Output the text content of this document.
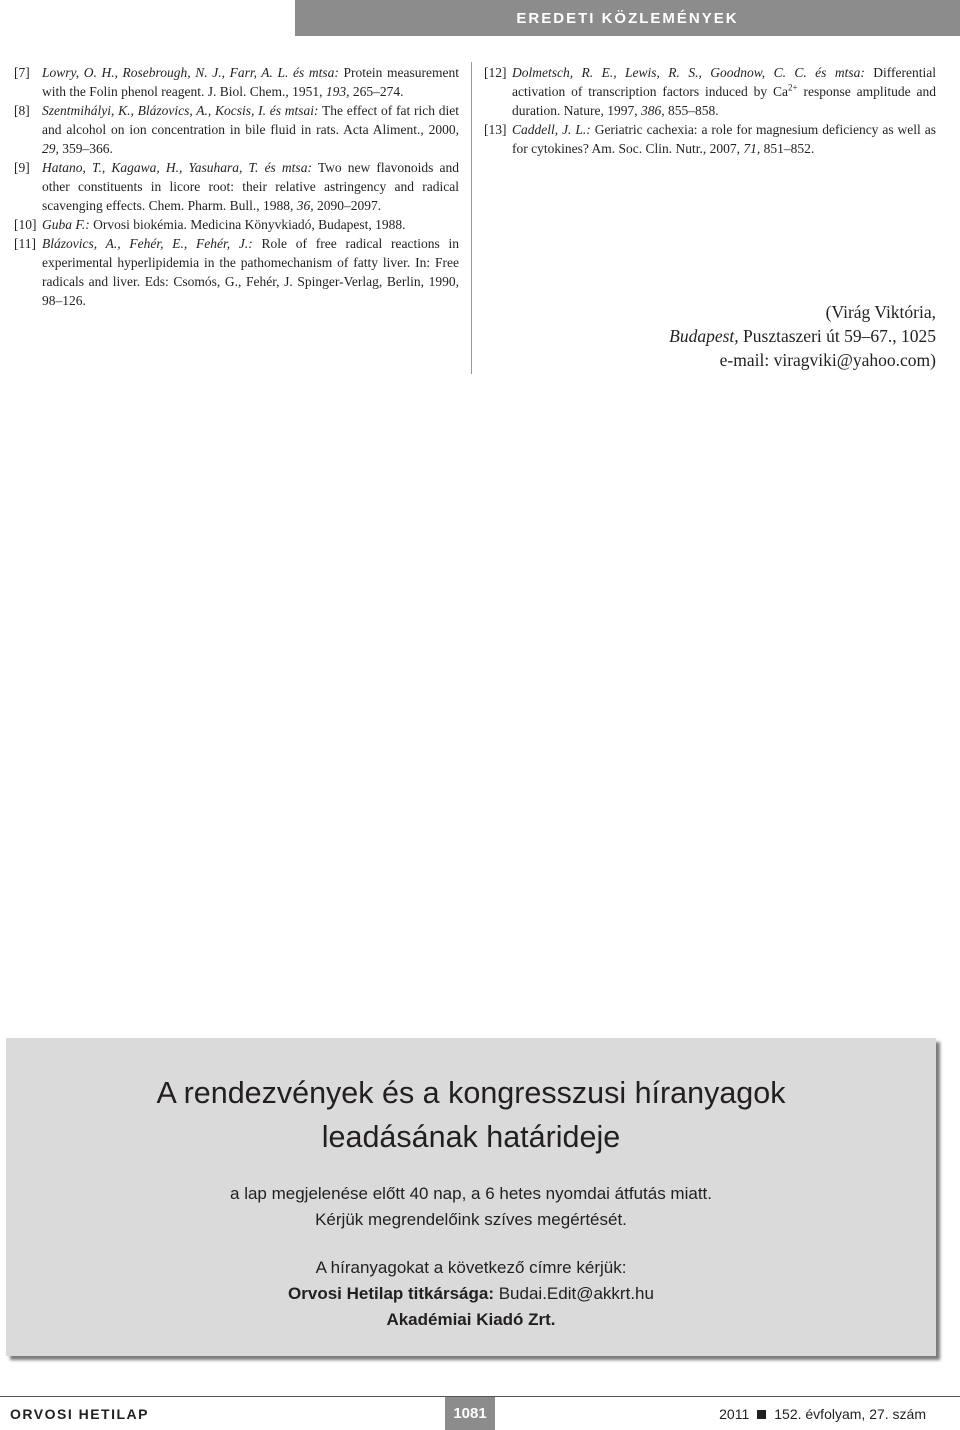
EREDETI KÖZLEMÉNYEK
[7] Lowry, O. H., Rosebrough, N. J., Farr, A. L. és mtsa: Protein measurement with the Folin phenol reagent. J. Biol. Chem., 1951, 193, 265–274.
[8] Szentmihályi, K., Blázovics, A., Kocsis, I. és mtsai: The effect of fat rich diet and alcohol on ion concentration in bile fluid in rats. Acta Aliment., 2000, 29, 359–366.
[9] Hatano, T., Kagawa, H., Yasuhara, T. és mtsa: Two new flavonoids and other constituents in licore root: their relative astringency and radical scavenging effects. Chem. Pharm. Bull., 1988, 36, 2090–2097.
[10] Guba F.: Orvosi biokémia. Medicina Könyvkiadó, Budapest, 1988.
[11] Blázovics, A., Fehér, E., Fehér, J.: Role of free radical reactions in experimental hyperlipidemia in the pathomechanism of fatty liver. In: Free radicals and liver. Eds: Csomós, G., Fehér, J. Spinger-Verlag, Berlin, 1990, 98–126.
[12] Dolmetsch, R. E., Lewis, R. S., Goodnow, C. C. és mtsa: Differential activation of transcription factors induced by $Ca^{2+}$ response amplitude and duration. Nature, 1997, 386, 855–858.
[13] Caddell, J. L.: Geriatric cachexia: a role for magnesium deficiency as well as for cytokines? Am. Soc. Clin. Nutr., 2007, 71, 851–852.
(Virág Viktória,
Budapest, Pusztaszeri út 59–67., 1025
e-mail: viragviki@yahoo.com)
A rendezvények és a kongresszusi híranyagok
leadásának határideje
a lap megjelenése előtt 40 nap, a 6 hetes nyomdai átfutás miatt.
Kérjük megrendelőink szíves megértését.
A híranyagokat a következő címre kérjük:
Orvosi Hetilap titkársága: Budai.Edit@akkrt.hu
Akadémiai Kiadó Zrt.
ORVOSI HETILAP	1081	2011 152. évfolyam, 27. szám
